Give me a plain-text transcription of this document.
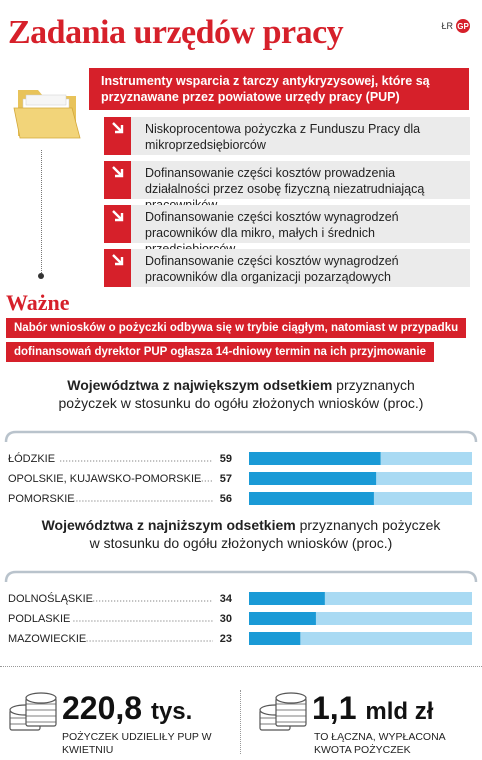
Zadania urzędów pracy	ŁR GP
Instrumenty wsparcia z tarczy antykryzysowej, które są przyznawane przez powiatowe urzędy pracy (PUP)
Niskoprocentowa pożyczka z Funduszu Pracy dla mikroprzedsiębiorców
Dofinansowanie części kosztów prowadzenia działalności przez osobę fizyczną niezatrudniającą
Dofinansowanie części kosztów wynagrodzeń pracowników dla mikro, małych i średnich
Dofinansowanie części kosztów wynagrodzeń pracowników dla organizacji pozarządowych
Ważne
Nabór wniosków o pożyczki odbywa się w trybie ciągłym, natomiast w przypadku
dofinansowań dyrektor PUP ogłasza 14-dniowy termin na ich przyjmowanie
Województwa z największym odsetkiem przyznanych
pożyczek w stosunku do ogółu złożonych wniosków (proc.)
ŁÓDZKIE	59
OPOLSKIE, KUJAWSKO-POMORSKIE 57
POMORSKIE	56
Województwa z najniższym odsetkiem przyznanych pożyczek
w stosunku do ogółu złożonych wniosków (proc.)
DOLNOŚLĄSKIE	34
PODLASKIE	30
MAZOWIECKIE	23
220,8 tys.
POŻYCZEK UDZIELIŁY PUP W KWIETNIU
1,1 mld zł
TO ŁĄCZNA, WYPŁACONA KWOTA POŻYCZEK
